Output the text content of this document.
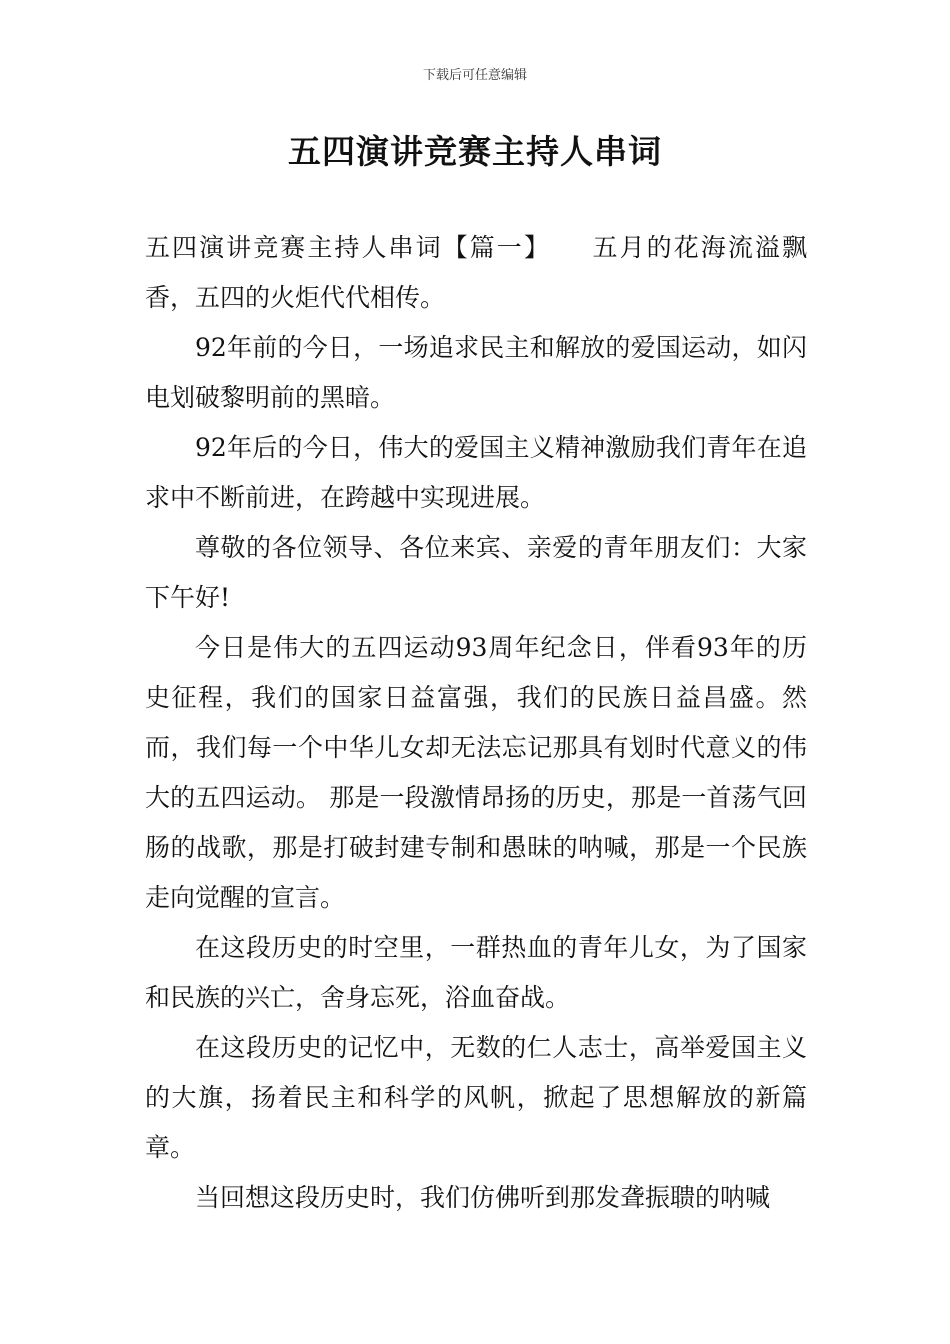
下载后可任意编辑
五四演讲竞赛主持人串词

五四演讲竞赛主持人串词【篇一】　　五月的花海流溢飘香，五四的火炬代代相传。

92年前的今日，一场追求民主和解放的爱国运动，如闪电划破黎明前的黑暗。

92年后的今日，伟大的爱国主义精神激励我们青年在追求中不断前进，在跨越中实现进展。

尊敬的各位领导、各位来宾、亲爱的青年朋友们：大家下午好!

今日是伟大的五四运动93周年纪念日，伴看93年的历史征程，我们的国家日益富强，我们的民族日益昌盛。然而，我们每一个中华儿女却无法忘记那具有划时代意义的伟大的五四运动。 那是一段激情昂扬的历史，那是一首荡气回肠的战歌，那是打破封建专制和愚昧的呐喊，那是一个民族走向觉醒的宣言。

在这段历史的时空里，一群热血的青年儿女，为了国家和民族的兴亡，舍身忘死，浴血奋战。

在这段历史的记忆中，无数的仁人志士，高举爱国主义的大旗，扬着民主和科学的风帆，掀起了思想解放的新篇章。

当回想这段历史时，我们仿佛听到那发聋振聩的呐喊
